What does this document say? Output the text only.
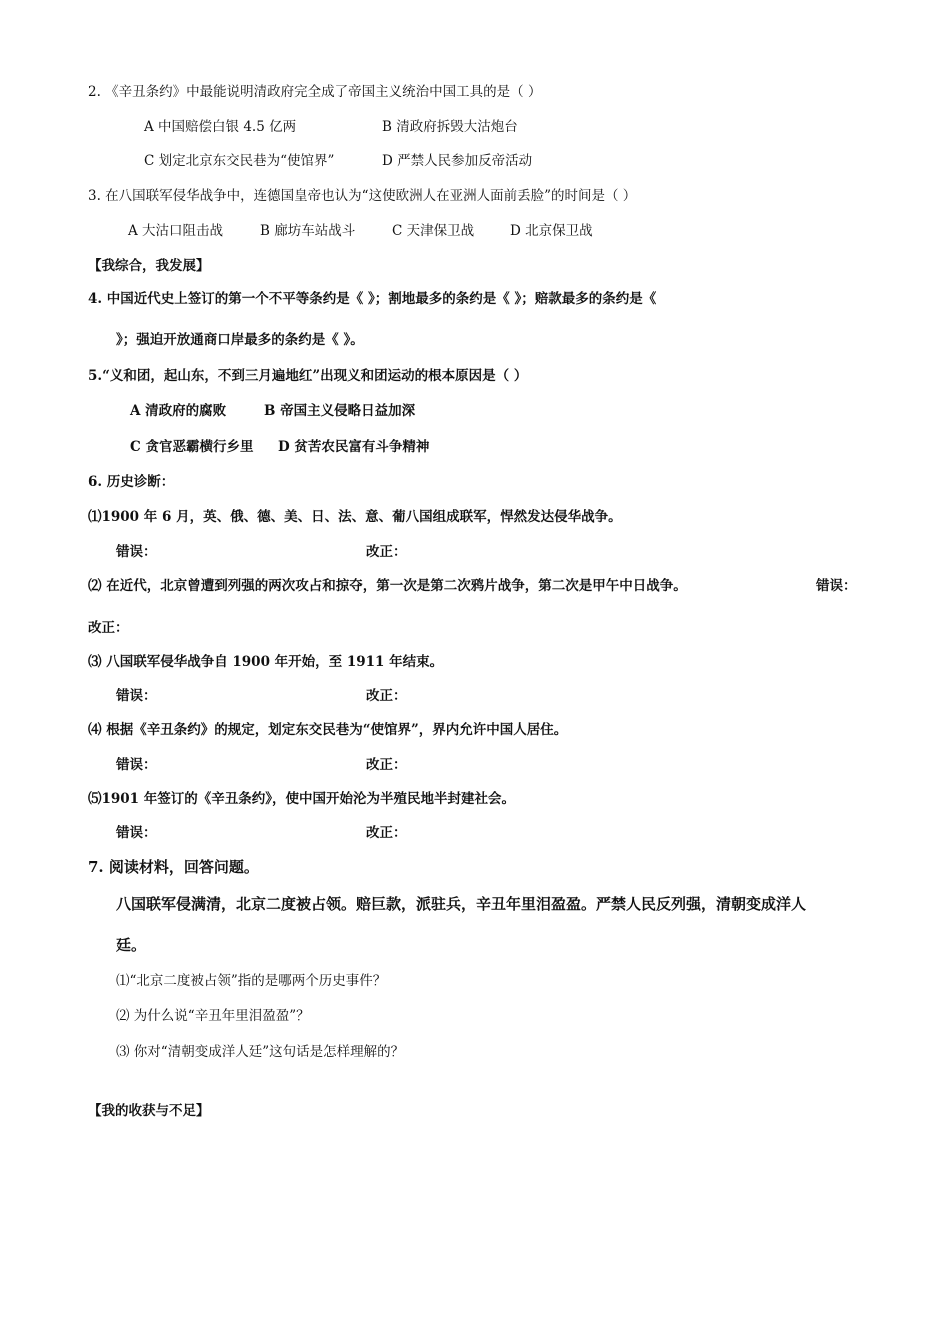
2. 《辛丑条约》中最能说明清政府完全成了帝国主义统治中国工具的是（ ）
A 中国赔偿白银 4.5 亿两	B 清政府拆毁大沽炮台
C 划定北京东交民巷为“使馆界”	D 严禁人民参加反帝活动
3. 在八国联军侵华战争中，连德国皇帝也认为“这使欧洲人在亚洲人面前丢脸”的时间是（ ）
A 大沽口阻击战	B 廊坊车站战斗	C 天津保卫战	D 北京保卫战
【我综合，我发展】
4. 中国近代史上签订的第一个不平等条约是《 》；割地最多的条约是《 》；赔款最多的条约是《
》；强迫开放通商口岸最多的条约是《 》。
5.“义和团，起山东，不到三月遍地红”出现义和团运动的根本原因是（ ）
A 清政府的腐败	B 帝国主义侵略日益加深
C 贪官恶霸横行乡里 D 贫苦农民富有斗争精神
6. 历史诊断：
⑴1900 年 6 月，英、俄、德、美、日、法、意、葡八国组成联军，悍然发达侵华战争。
错误：	改正：
⑵ 在近代，北京曾遭到列强的两次攻占和掠夺，第一次是第二次鸦片战争，第二次是甲午中日战争。	错误：
改正：
⑶ 八国联军侵华战争自 1900 年开始，至 1911 年结束。
错误：	改正：
⑷ 根据《辛丑条约》的规定，划定东交民巷为“使馆界”，界内允许中国人居住。
错误：	改正：
⑸1901 年签订的《辛丑条约》，使中国开始沦为半殖民地半封建社会。
错误：	改正：
7. 阅读材料，回答问题。
八国联军侵满清，北京二度被占领。赔巨款，派驻兵，辛丑年里泪盈盈。严禁人民反列强，清朝变成洋人
廷。
⑴“北京二度被占领”指的是哪两个历史事件？
⑵ 为什么说“辛丑年里泪盈盈”？
⑶ 你对“清朝变成洋人廷”这句话是怎样理解的？
【我的收获与不足】
